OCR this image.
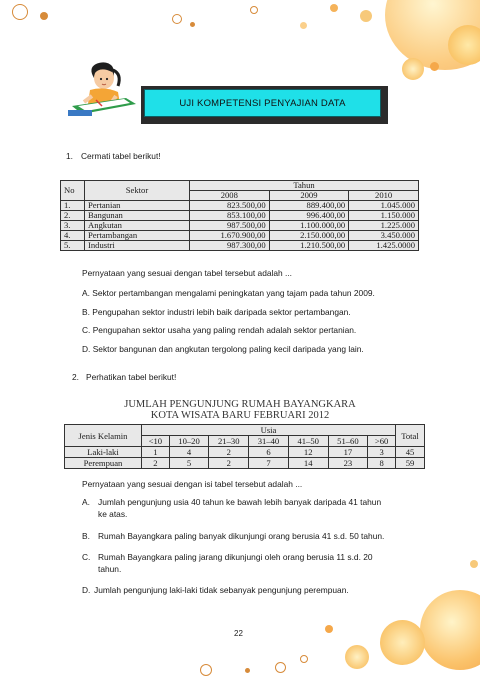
UJI KOMPETENSI PENYAJIAN DATA
1. Cermati tabel berikut!
No	Sektor	Tahun		
		2008	2009	2010
1.	Pertanian	823.500,00	889.400,00	1.045.000
2.	Bangunan	853.100,00	996.400,00	1.150.000
3.	Angkutan	987.500,00	1.100.000,00	1.225.000
4.	Pertambangan	1.670.900,00	2.150.000,00	3.450.000
5.	Industri	987.300,00	1.210.500,00	1.425.0000
Pernyataan yang sesuai dengan tabel tersebut adalah ...
A. Sektor pertambangan mengalami peningkatan yang tajam pada tahun 2009.
B. Pengupahan sektor industri lebih baik daripada sektor pertambangan.
C. Pengupahan sektor usaha yang paling rendah adalah sektor pertanian.
D. Sektor bangunan dan angkutan tergolong paling kecil daripada yang lain.
2. Perhatikan tabel berikut!
JUMLAH PENGUNJUNG RUMAH BAYANGKARA
KOTA WISATA BARU FEBRUARI 2012
Jenis Kelamin	Usia							Total
	<10	10–20	21–30	31–40	41–50	51–60	>60	
Laki-laki	1	4	2	6	12	17	3	45
Perempuan	2	5	2	7	14	23	8	59
Pernyataan yang sesuai dengan isi tabel tersebut adalah ...
A. Jumlah pengunjung usia 40 tahun ke bawah lebih banyak daripada 41 tahun
ke atas.
B. Rumah Bayangkara paling banyak dikunjungi orang berusia 41 s.d. 50 tahun.
C. Rumah Bayangkara paling jarang dikunjungi oleh orang berusia 11 s.d. 20
tahun.
D. Jumlah pengunjung laki-laki tidak sebanyak pengunjung perempuan.
22
